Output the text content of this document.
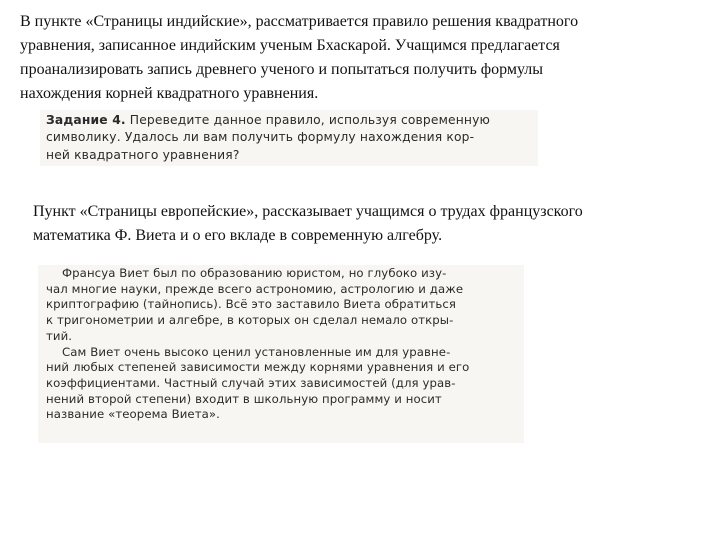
В пункте «Страницы индийские», рассматривается правило решения квадратного
уравнения, записанное индийским ученым Бхаскарой. Учащимся предлагается
проанализировать запись древнего ученого и попытаться получить формулы
нахождения корней квадратного уравнения.

Задание 4. Переведите данное правило, используя современную
символику. Удалось ли вам получить формулу нахождения кор-
ней квадратного уравнения?

Пункт «Страницы европейские», рассказывает учащимся о трудах французского
математика Ф. Виета и о его вкладе в современную алгебру.

Франсуа Виет был по образованию юристом, но глубоко изу-
чал многие науки, прежде всего астрономию, астрологию и даже
криптографию (тайнопись). Всё это заставило Виета обратиться
к тригонометрии и алгебре, в которых он сделал немало откры-
тий.
Сам Виет очень высоко ценил установленные им для уравне-
ний любых степеней зависимости между корнями уравнения и его
коэффициентами. Частный случай этих зависимостей (для урав-
нений второй степени) входит в школьную программу и носит
название «теорема Виета».
